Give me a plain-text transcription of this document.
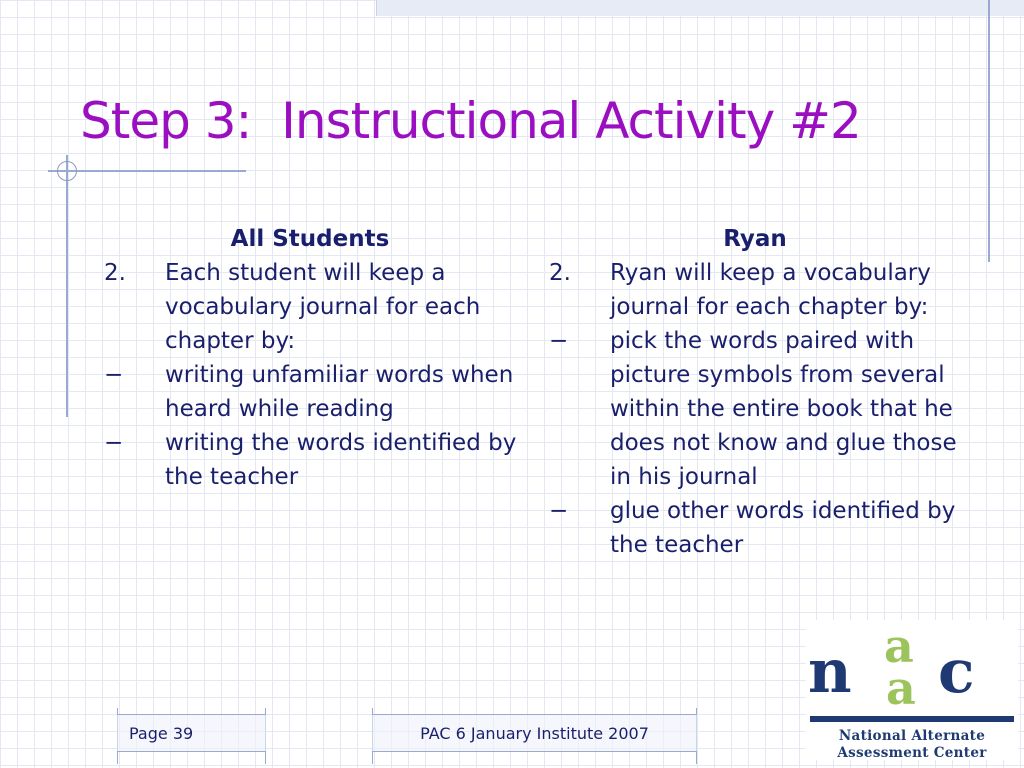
Step 3:  Instructional Activity #2

All Students

2.	Each student will keep a vocabulary journal for each chapter by:
−	writing unfamiliar words when heard while reading
−	writing the words identified by the teacher

Ryan

2.	Ryan will keep a vocabulary journal for each chapter by:
−	pick the words paired with picture symbols from several within the entire book that he does not know and glue those in his journal
−	glue other words identified by the teacher
Page 39	PAC 6 January Institute 2007
n c
a
a
National Alternate
Assessment Center
